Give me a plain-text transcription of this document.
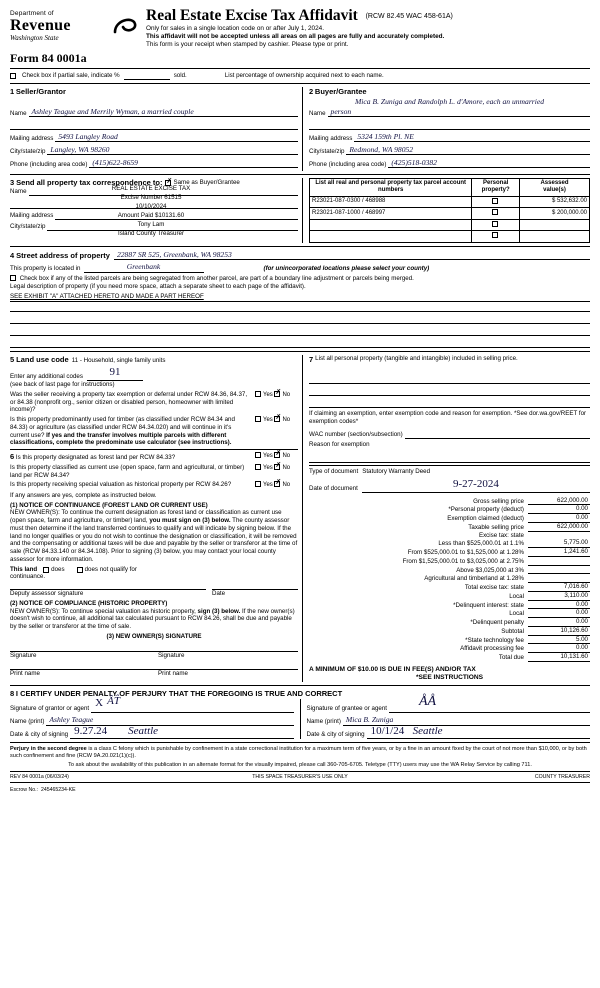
Department of
Revenue
Washington State
Real Estate Excise Tax Affidavit (RCW 82.45 WAC 458-61A)
Only for sales in a single location code on or after July 1, 2024.
This affidavit will not be accepted unless all areas on all pages are fully and accurately completed.
This form is your receipt when stamped by cashier. Please type or print.
Form 84 0001a
Check box if partial sale, indicate %
	sold.	List percentage of ownership acquired next to each name.
1 Seller/Grantor
Name Ashley Teague and Merrily Wyman, a married couple
Mailing address 5493 Langley Road
City/state/zip Langley, WA 98260
Phone (including area code) (415)622-8659
2 Buyer/Grantee
Mica B. Zuniga and Randolph L. d'Amore, each an unmarried
Name person
Mailing address 5324 159th Pl. NE
City/state/zip Redmond, WA 98052
Phone (including area code) (425)518-0382
3 Send all property tax correspondence to: ✗ Same as Buyer/Grantee
Name
Mailing address
City/state/zip
REAL ESTATE EXCISE TAX
Excise Number 61515
10/10/2024
Amount Paid $10131.60
Tony Lam
Island County Treasurer
List all real and personal property tax parcel account numbers	Personal
property?	Assessed
value(s)
R23021-087-0300 / 468988		$ 532,632.00
R23021-087-1000 / 468997		$ 200,000.00

4 Street address of property 22887 SR 525, Greenbank, WA 98253
This property is located in	Greenbank	(for unincorporated locations please select your county)
Check box if any of the listed parcels are being segregated from another parcel, are part of a boundary line adjustment or parcels being merged.
Legal description of property (if you need more space, attach a separate sheet to each page of the affidavit).
SEE EXHIBIT "A" ATTACHED HERETO AND MADE A PART HEREOF
5 Land use code 11 - Household, single family units
Enter any additional codes	91
(see back of last page for instructions)
Was the seller receiving a property tax exemption or deferral under RCW 84.36, 84.37, or 84.38 (nonprofit org., senior citizen or disabled person, homeowner with limited income)?
Yes ✗ No
Is this property predominantly used for timber (as classified under RCW 84.34 and 84.33) or agriculture (as classified under RCW 84.34.020) and will continue in it's current use? If yes and the transfer involves multiple parcels with different classifications, complete the predominate use calculator (see instructions).
Yes ✗ No
6 Is this property designated as forest land per RCW 84.33?	Yes ✗ No
Is this property classified as current use (open space, farm and agricultural, or timber) land per RCW 84.34?
Yes ✗ No
Is this property receiving special valuation as historical property per RCW 84.26?	Yes ✗ No
If any answers are yes, complete as instructed below.
(1) NOTICE OF CONTINUANCE (FOREST LAND OR CURRENT USE)
NEW OWNER(S): To continue the current designation as forest land or classification as current use (open space, farm and agriculture, or timber) land, you must sign on (3) below. The county assessor must then determine if the land transferred continues to qualify and will indicate by signing below. If the land no longer qualifies or you do not wish to continue the designation or classification, it will be removed and the compensating or additional taxes will be due and payable by the seller or transferor at the time of sale (RCW 84.33.140 or 84.34.108). Prior to signing (3) below, you may contact your local county assessor for more information.
This land does	does not qualify for
continuance.
Deputy assessor signature	Date
(2) NOTICE OF COMPLIANCE (HISTORIC PROPERTY)
NEW OWNER(S): To continue special valuation as historic property, sign (3) below. If the new owner(s) doesn't wish to continue, all additional tax calculated pursuant to RCW 84.26, shall be due and payable by the seller or transferor at the time of sale.
(3) NEW OWNER(S) SIGNATURE
Signature	Signature
Print name	Print name
7 List all personal property (tangible and intangible) included in selling price.
If claiming an exemption, enter exemption code and reason for exemption. *See dor.wa.gov/REET for exemption codes*
WAC number (section/subsection)
Reason for exemption
Type of document Statutory Warranty Deed
Date of document	9-27-2024
Gross selling price	622,000.00
*Personal property (deduct)	0.00
Exemption claimed (deduct)	0.00
Taxable selling price	622,000.00
Excise tax: state

Less than $525,000.01 at 1.1%	5,775.00
From $525,000.01 to $1,525,000 at 1.28%	1,241.60
From $1,525,000.01 to $3,025,000 at 2.75%

Above $3,025,000 at 3%

Agricultural and timberland at 1.28%

Total excise tax: state	7,016.60
Local	3,110.00
*Delinquent interest: state	0.00
Local	0.00
*Delinquent penalty	0.00
Subtotal	10,126.60
*State technology fee	5.00
Affidavit processing fee	0.00
Total due	10,131.60
A MINIMUM OF $10.00 IS DUE IN FEE(S) AND/OR TAX
*SEE INSTRUCTIONS
8 I CERTIFY UNDER PENALTY OF PERJURY THAT THE FOREGOING IS TRUE AND CORRECT
Signature of grantor or agent X ÂT̂
Name (print) Ashley Teague
Date & city of signing 9.27.24 Seattle
Signature of grantee or agent ÅÅ
Name (print) Mica B. Zuniga
Date & city of signing 10/1/24 Seattle
Perjury in the second degree is a class C felony which is punishable by confinement in a state correctional institution for a maximum term of five years, or by a fine in an amount fixed by the court of not more than $10,000, or by both such confinement and fine (RCW 9A.20.021(1)(c)).
To ask about the availability of this publication in an alternate format for the visually impaired, please call 360-705-6705. Teletype (TTY) users may use the WA Relay Service by calling 711.
REV 84 0001a (06/03/24)	THIS SPACE TREASURER'S USE ONLY	COUNTY TREASURER
Escrow No.: 245465234-KE
